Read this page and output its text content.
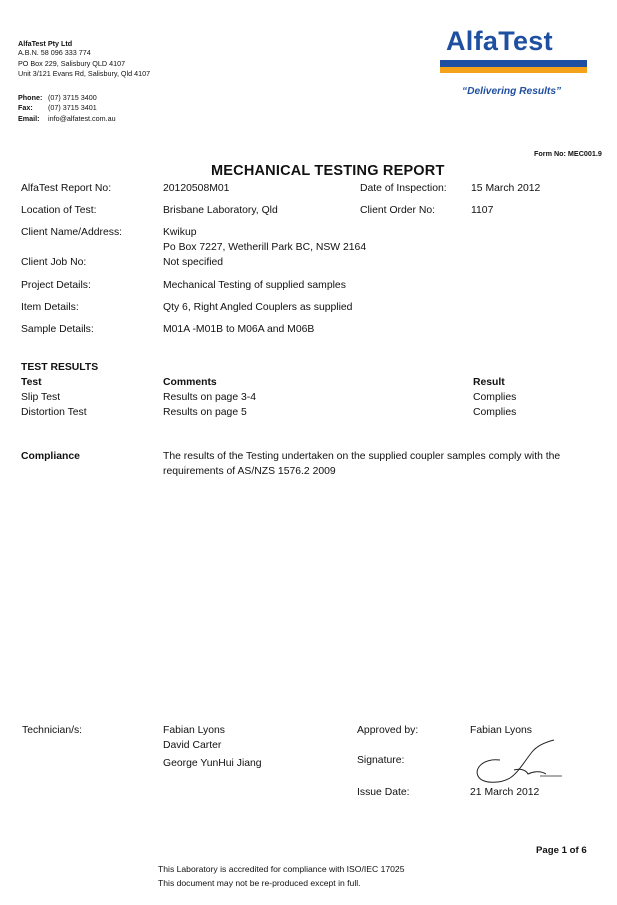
AlfaTest Pty Ltd
A.B.N. 58 096 333 774
PO Box 229, Salisbury QLD 4107
Unit 3/121 Evans Rd, Salisbury, Qld 4107
Phone: (07) 3715 3400
Fax: (07) 3715 3401
Email: info@alfatest.com.au
AlfaTest
“Delivering Results”
Form No: MEC001.9
MECHANICAL TESTING REPORT
AlfaTest Report No:	20120508M01	Date of Inspection: 15 March 2012
Location of Test:	Brisbane Laboratory, Qld	Client Order No:	1107
Client Name/Address:	Kwikup
Po Box 7227, Wetherill Park BC, NSW 2164
Client Job No:	Not specified
Project Details:	Mechanical Testing of supplied samples
Item Details:	Qty 6, Right Angled Couplers as supplied
Sample Details:	M01A -M01B to M06A and M06B
TEST RESULTS
Test	Comments	Result
Slip Test	Results on page 3-4	Complies
Distortion Test	Results on page 5	Complies
Compliance	The results of the Testing undertaken on the supplied coupler samples comply with the
requirements of AS/NZS 1576.2 2009
Technician/s:	Fabian Lyons
David Carter
George YunHui Jiang
Approved by:	Fabian Lyons
Signature:
Issue Date:	21 March 2012
Page 1 of 6
This Laboratory is accredited for compliance with ISO/IEC 17025
This document may not be re-produced except in full.
